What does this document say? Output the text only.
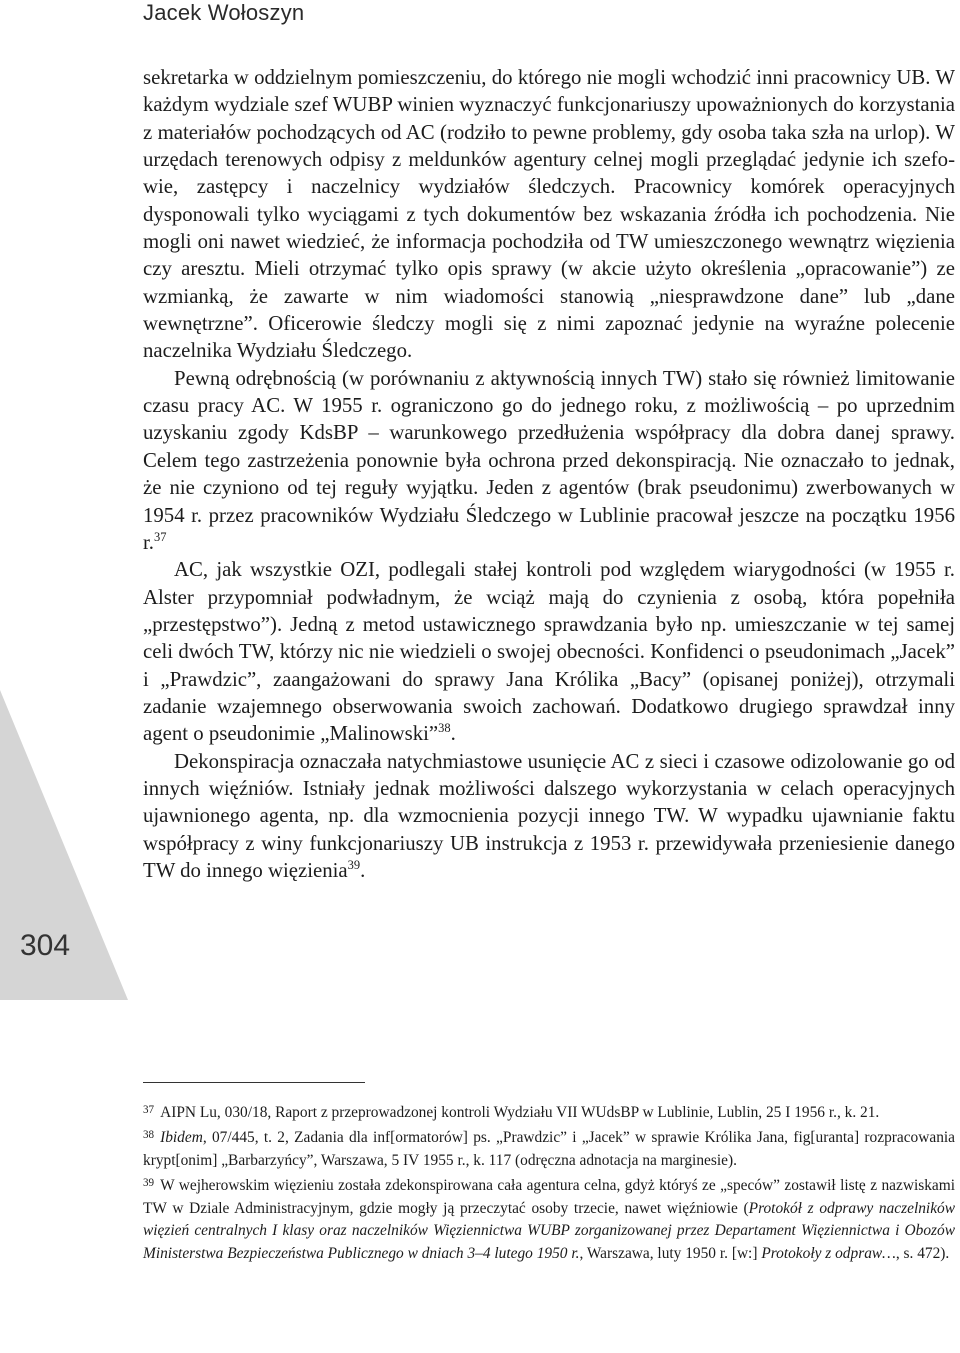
Jacek Wołoszyn
304

sekretarka w oddzielnym pomieszczeniu, do którego nie mogli wchodzić inni pracownicy UB. W każdym wydziale szef WUBP winien wyznaczyć funkcjonariuszy upoważnionych do korzystania z materiałów pochodzących od AC (rodziło to pewne problemy, gdy osoba taka szła na urlop). W urzędach terenowych odpisy z meldunków agentury celnej mogli przeglądać jedynie ich szefowie, zastępcy i naczelnicy wydziałów śledczych. Pracownicy komórek operacyjnych dysponowali tylko wyciągami z tych dokumentów bez wskazania źródła ich pochodzenia. Nie mogli oni nawet wiedzieć, że informacja pochodziła od TW umieszczonego wewnątrz więzienia czy aresztu. Mieli otrzymać tylko opis sprawy (w akcie użyto określenia „opracowanie”) ze wzmianką, że zawarte w nim wiadomości stanowią „niesprawdzone dane” lub „dane wewnętrzne”. Oficerowie śledczy mogli się z nimi zapoznać jedynie na wyraźne polecenie naczelnika Wydziału Śledczego.

Pewną odrębnością (w porównaniu z aktywnością innych TW) stało się również limitowanie czasu pracy AC. W 1955 r. ograniczono go do jednego roku, z możliwością – po uprzednim uzyskaniu zgody KdsBP – warunkowego przedłużenia współpracy dla dobra danej sprawy. Celem tego zastrzeżenia ponownie była ochrona przed dekonspiracją. Nie oznaczało to jednak, że nie czyniono od tej reguły wyjątku. Jeden z agentów (brak pseudonimu) zwerbowanych w 1954 r. przez pracowników Wydziału Śledczego w Lublinie pracował jeszcze na początku 1956 r.$^{37}$

AC, jak wszystkie OZI, podlegali stałej kontroli pod względem wiarygodności (w 1955 r. Alster przypomniał podwładnym, że wciąż mają do czynienia z osobą, która popełniła „przestępstwo”). Jedną z metod ustawicznego sprawdzania było np. umieszczanie w tej samej celi dwóch TW, którzy nic nie wiedzieli o swojej obecności. Konfidenci o pseudonimach „Jacek” i „Prawdzic”, zaangażowani do sprawy Jana Królika „Bacy” (opisanej poniżej), otrzymali zadanie wzajemnego obserwowania swoich zachowań. Dodatkowo drugiego sprawdzał inny agent o pseudonimie „Malinowski”$^{38}$.

Dekonspiracja oznaczała natychmiastowe usunięcie AC z sieci i czasowe odizolowanie go od innych więźniów. Istniały jednak możliwości dalszego wykorzystania w celach operacyjnych ujawnionego agenta, np. dla wzmocnienia pozycji innego TW. W wypadku ujawnianie faktu współpracy z winy funkcjonariuszy UB instrukcja z 1953 r. przewidywała przeniesienie danego TW do innego więzienia$^{39}$.

$^{37}$ AIPN Lu, 030/18, Raport z przeprowadzonej kontroli Wydziału VII WUdsBP w Lublinie, Lublin, 25 I 1956 r., k. 21.

$^{38}$ Ibidem, 07/445, t. 2, Zadania dla inf[ormatorów] ps. „Prawdzic” i „Jacek” w sprawie Królika Jana, fig[uranta] rozpracowania krypt[onim] „Barbarzyńcy”, Warszawa, 5 IV 1955 r., k. 117 (odręczna adnotacja na marginesie).

$^{39}$ W wejherowskim więzieniu została zdekonspirowana cała agentura celna, gdyż któryś ze „speców” zostawił listę z nazwiskami TW w Dziale Administracyjnym, gdzie mogły ją przeczytać osoby trzecie, nawet więźniowie (Protokół z odprawy naczelników więzień centralnych I klasy oraz naczelników Więziennictwa WUBP zorganizowanej przez Departament Więziennictwa i Obozów Ministerstwa Bezpieczeństwa Publicznego w dniach 3–4 lutego 1950 r., Warszawa, luty 1950 r. [w:] Protokoły z odpraw…, s. 472).
